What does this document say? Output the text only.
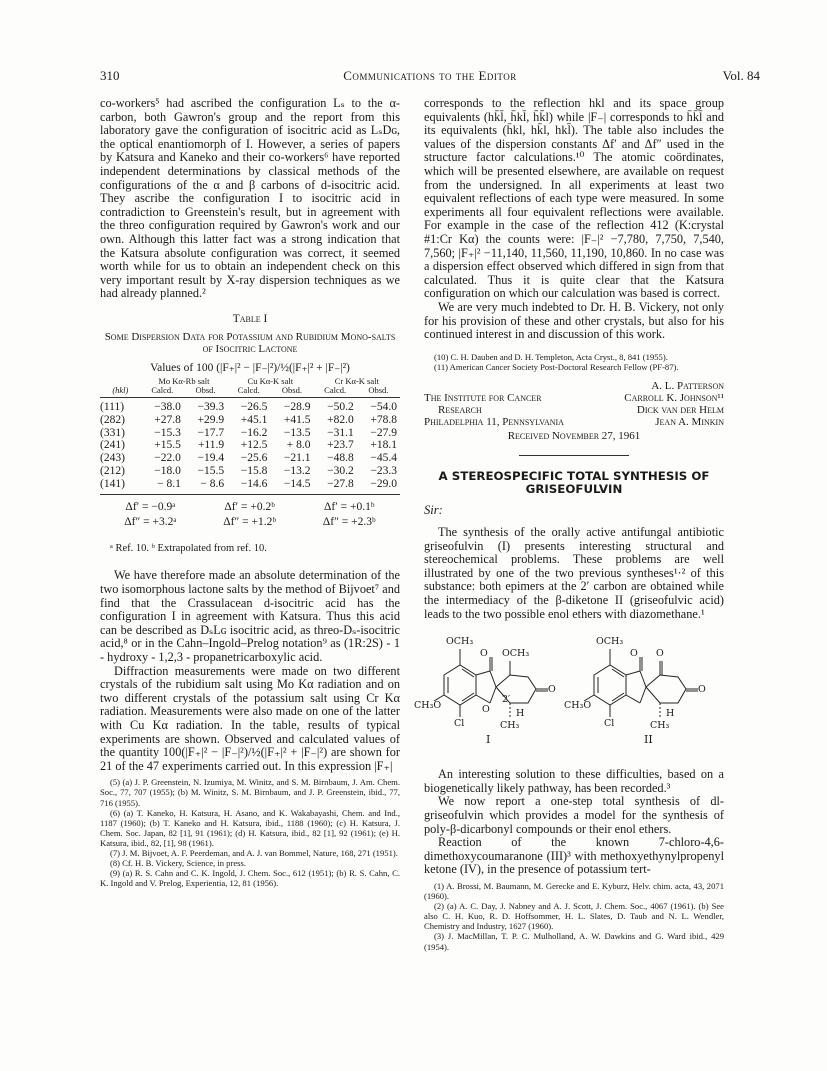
310	Communications to the Editor	Vol. 84

co-workers⁵ had ascribed the configuration Lₛ to the α-carbon, both Gawron's group and the report from this laboratory gave the configuration of isocitric acid as LₛDɢ, the optical enantiomorph of I. However, a series of papers by Katsura and Kaneko and their co-workers⁶ have reported independent determinations by classical methods of the configurations of the α and β carbons of d-isocitric acid. They ascribe the configuration I to isocitric acid in contradiction to Greenstein's result, but in agreement with the threo configuration required by Gawron's work and our own. Although this latter fact was a strong indication that the Katsura absolute configuration was correct, it seemed worth while for us to obtain an independent check on this very important result by X-ray dispersion techniques as we had already planned.²

Table I
Some Dispersion Data for Potassium and Rubidium Mono-salts of Isocitric Lactone
Values of 100 (|F₊|² − |F₋|²)/½(|F₊|² + |F₋|²)
	Mo Kα-Rb salt		Cu Kα-K salt		Cr Kα-K salt	
(hkl)	Calcd.	Obsd.	Calcd.	Obsd.	Calcd.	Obsd.
(111)	−38.0	−39.3	−26.5	−28.9	−50.2	−54.0
(282)	+27.8	+29.9	+45.1	+41.5	+82.0	+78.8
(331)	−15.3	−17.7	−16.2	−13.5	−31.1	−27.9
(241)	+15.5	+11.9	+12.5	+ 8.0	+23.7	+18.1
(243)	−22.0	−19.4	−25.6	−21.1	−48.8	−45.4
(212)	−18.0	−15.5	−15.8	−13.2	−30.2	−23.3
(141)	− 8.1	− 8.6	−14.6	−14.5	−27.8	−29.0
Δf′ = −0.9ᵃ	Δf′ = +0.2ᵇ	Δf′ = +0.1ᵇ
Δf″ = +3.2ᵃ	Δf″ = +1.2ᵇ	Δf″ = +2.3ᵇ
ᵃ Ref. 10. ᵇ Extrapolated from ref. 10.

We have therefore made an absolute determination of the two isomorphous lactone salts by the method of Bijvoet⁷ and find that the Crassulacean d-isocitric acid has the configuration I in agreement with Katsura. Thus this acid can be described as DₛLɢ isocitric acid, as threo-Dₛ-isocitric acid,⁸ or in the Cahn–Ingold–Prelog notation⁹ as (1R:2S) - 1 - hydroxy - 1,2,3 - propanetricarboxylic acid.

Diffraction measurements were made on two different crystals of the rubidium salt using Mo Kα radiation and on two different crystals of the potassium salt using Cr Kα radiation. Measurements were also made on one of the latter with Cu Kα radiation. In the table, results of typical experiments are shown. Observed and calculated values of the quantity 100(|F₊|² − |F₋|²)/½(|F₊|² + |F₋|²) are shown for 21 of the 47 experiments carried out. In this expression |F₊|

(5) (a) J. P. Greenstein, N. Izumiya, M. Winitz, and S. M. Birnbaum, J. Am. Chem. Soc., 77, 707 (1955); (b) M. Winitz, S. M. Birnbaum, and J. P. Greenstein, ibid., 77, 716 (1955).

(6) (a) T. Kaneko, H. Katsura, H. Asano, and K. Wakabayashi, Chem. and Ind., 1187 (1960); (b) T. Kaneko and H. Katsura, ibid., 1188 (1960); (c) H. Katsura, J. Chem. Soc. Japan, 82 [1], 91 (1961); (d) H. Katsura, ibid., 82 [1], 92 (1961); (e) H. Katsura, ibid., 82, [1], 98 (1961).

(7) J. M. Bijvoet, A. F. Peerdeman, and A. J. van Bommel, Nature, 168, 271 (1951).

(8) Cf. H. B. Vickery, Science, in press.

(9) (a) R. S. Cahn and C. K. Ingold, J. Chem. Soc., 612 (1951); (b) R. S. Cahn, C. K. Ingold and V. Prelog, Experientia, 12, 81 (1956).

corresponds to the reflection hkl and its space group equivalents (hk̄l̄, h̄kl̄, h̄k̄l) while |F₋| corresponds to h̄k̄l̄ and its equivalents (h̄kl, hk̄l, hkl̄). The table also includes the values of the dispersion constants Δf′ and Δf″ used in the structure factor calculations.¹⁰ The atomic coördinates, which will be presented elsewhere, are available on request from the undersigned. In all experiments at least two equivalent reflections of each type were measured. In some experiments all four equivalent reflections were available. For example in the case of the reflection 412 (K:crystal #1:Cr Kα) the counts were: |F₋|² −7,780, 7,750, 7,540, 7,560; |F₊|² −11,140, 11,560, 11,190, 10,860. In no case was a dispersion effect observed which differed in sign from that calculated. Thus it is quite clear that the Katsura configuration on which our calculation was based is correct.

We are very much indebted to Dr. H. B. Vickery, not only for his provision of these and other crystals, but also for his continued interest in and discussion of this work.

(10) C. H. Dauben and D. H. Templeton, Acta Cryst., 8, 841 (1955).

(11) American Cancer Society Post-Doctoral Research Fellow (PF-87).

A. L. Patterson
The Institute for Cancer	Carroll K. Johnson¹¹
Research	Dick van der Helm
Philadelphia 11, Pennsylvania	Jean A. Minkin
Received November 27, 1961
A STEREOSPECIFIC TOTAL SYNTHESIS OF GRISEOFULVIN
Sir:

The synthesis of the orally active antifungal antibiotic griseofulvin (I) presents interesting structural and stereochemical problems. These problems are well illustrated by one of the two previous syntheses¹·² of this substance: both epimers at the 2′ carbon are obtained while the intermediacy of the β-diketone II (griseofulvic acid) leads to the two possible enol ethers with diazomethane.¹

OCH₃
O OCH₃
O
CH₃O	O
2′
Cl
H
CH₃
I
OCH₃
O O
O
CH₃O
Cl
H
CH₃
II

An interesting solution to these difficulties, based on a biogenetically likely pathway, has been recorded.³

We now report a one-step total synthesis of dl-griseofulvin which provides a model for the synthesis of poly-β-dicarbonyl compounds or their enol ethers.

Reaction of the known 7-chloro-4,6-dimethoxycoumaranone (III)³ with methoxyethynylpropenyl ketone (IV), in the presence of potassium tert-

(1) A. Brossi, M. Baumann, M. Gerecke and E. Kyburz, Helv. chim. acta, 43, 2071 (1960).

(2) (a) A. C. Day, J. Nabney and A. J. Scott, J. Chem. Soc., 4067 (1961). (b) See also C. H. Kuo, R. D. Hoffsommer, H. L. Slates, D. Taub and N. L. Wendler, Chemistry and Industry, 1627 (1960).

(3) J. MacMillan, T. P. C. Mulholland, A. W. Dawkins and G. Ward ibid., 429 (1954).
